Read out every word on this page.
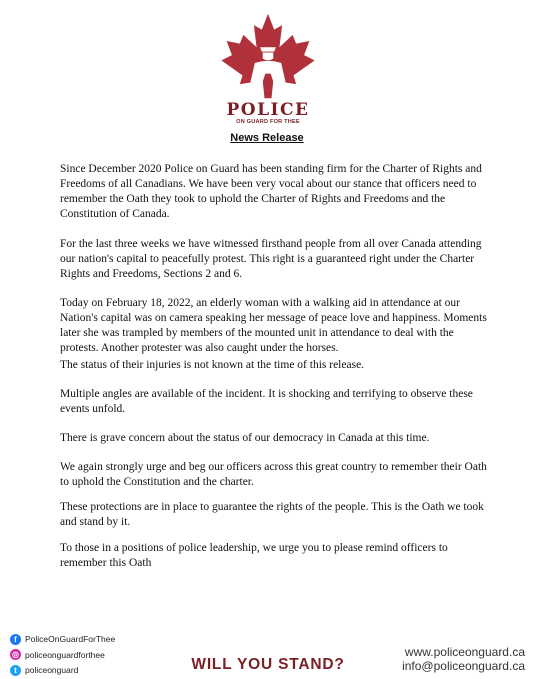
POLICE
ON GUARD FOR THEE
News Release

Since December 2020 Police on Guard has been standing firm for the Charter of Rights and Freedoms of all Canadians. We have been very vocal about our stance that officers need to remember the Oath they took to uphold the Charter of Rights and Freedoms and the Constitution of Canada.

For the last three weeks we have witnessed firsthand people from all over Canada attending our nation's capital to peacefully protest. This right is a guaranteed right under the Charter Rights and Freedoms, Sections 2 and 6.

Today on February 18, 2022, an elderly woman with a walking aid in attendance at our Nation's capital was on camera speaking her message of peace love and happiness. Moments later she was trampled by members of the mounted unit in attendance to deal with the protests. Another protester was also caught under the horses.

The status of their injuries is not known at the time of this release.

Multiple angles are available of the incident. It is shocking and terrifying to observe these events unfold.

There is grave concern about the status of our democracy in Canada at this time.

We again strongly urge and beg our officers across this great country to remember their Oath to uphold the Constitution and the charter.

These protections are in place to guarantee the rights of the people. This is the Oath we took and stand by it.

To those in a positions of police leadership, we urge you to please remind officers to remember this Oath

f PoliceOnGuardForThee
◎ policeonguardforthee
t policeonguard	WILL YOU STAND?
www.policeonguard.ca
info@policeonguard.ca
